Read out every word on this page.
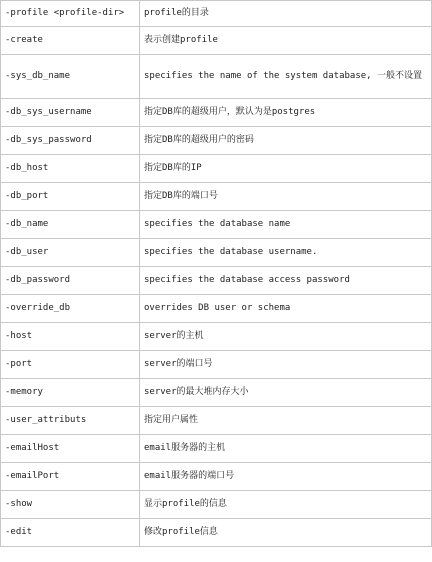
-profile <profile-dir>	profile的目录
-create	表示创建profile
-sys_db_name	specifies the name of the system database, 一般不设置
-db_sys_username	指定DB库的超级用户，默认为是postgres
-db_sys_password	指定DB库的超级用户的密码
-db_host	指定DB库的IP
-db_port	指定DB库的端口号
-db_name	specifies the database name
-db_user	specifies the database username.
-db_password	specifies the database access password
-override_db	overrides DB user or schema
-host	server的主机
-port	server的端口号
-memory	server的最大堆内存大小
-user_attributs	指定用户属性
-emailHost	email服务器的主机
-emailPort	email服务器的端口号
-show	显示profile的信息
-edit	修改profile信息
